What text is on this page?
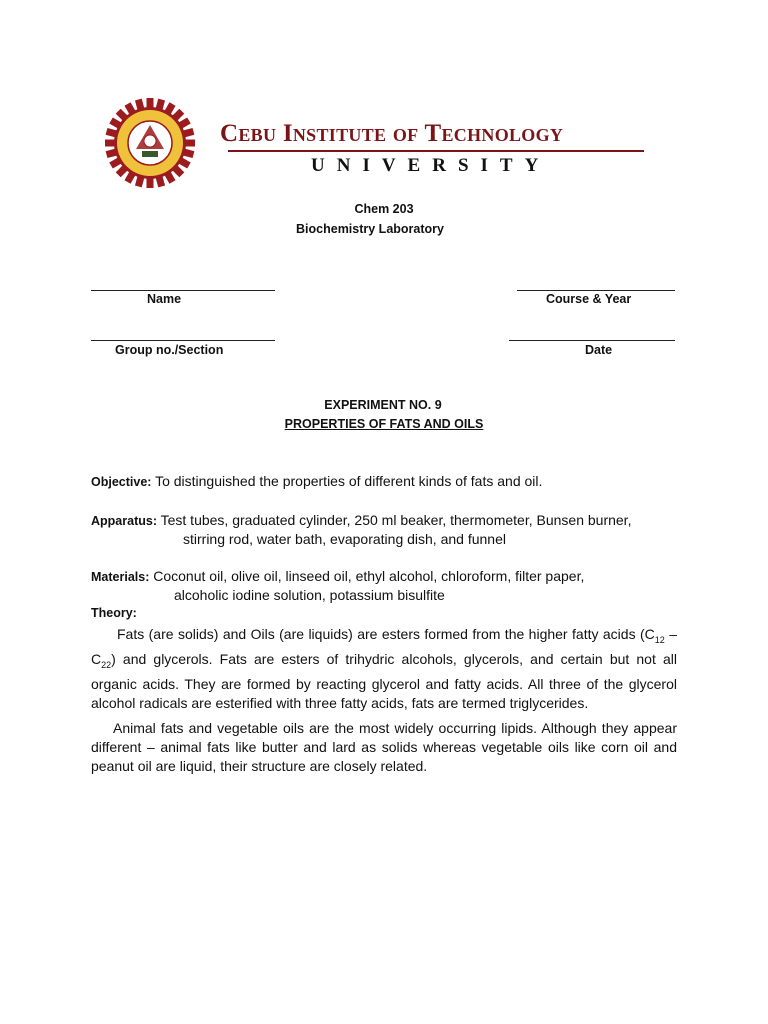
Cebu Institute of Technology
UNIVERSITY
Chem 203
Biochemistry Laboratory
Name	Course & Year
Group no./Section	Date
EXPERIMENT NO. 9
PROPERTIES OF FATS AND OILS
Objective: To distinguished the properties of different kinds of fats and oil.
Apparatus: Test tubes, graduated cylinder, 250 ml beaker, thermometer, Bunsen burner,
stirring rod, water bath, evaporating dish, and funnel
Materials: Coconut oil, olive oil, linseed oil, ethyl alcohol, chloroform, filter paper,
alcoholic iodine solution, potassium bisulfite
Theory:

Fats (are solids) and Oils (are liquids) are esters formed from the higher fatty acids $(C_{12} - C_{22})$ and glycerols. Fats are esters of trihydric alcohols, glycerols, and certain but not all organic acids. They are formed by reacting glycerol and fatty acids. All three of the glycerol alcohol radicals are esterified with three fatty acids, fats are termed triglycerides.

Animal fats and vegetable oils are the most widely occurring lipids. Although they appear different – animal fats like butter and lard as solids whereas vegetable oils like corn oil and peanut oil are liquid, their structure are closely related.
